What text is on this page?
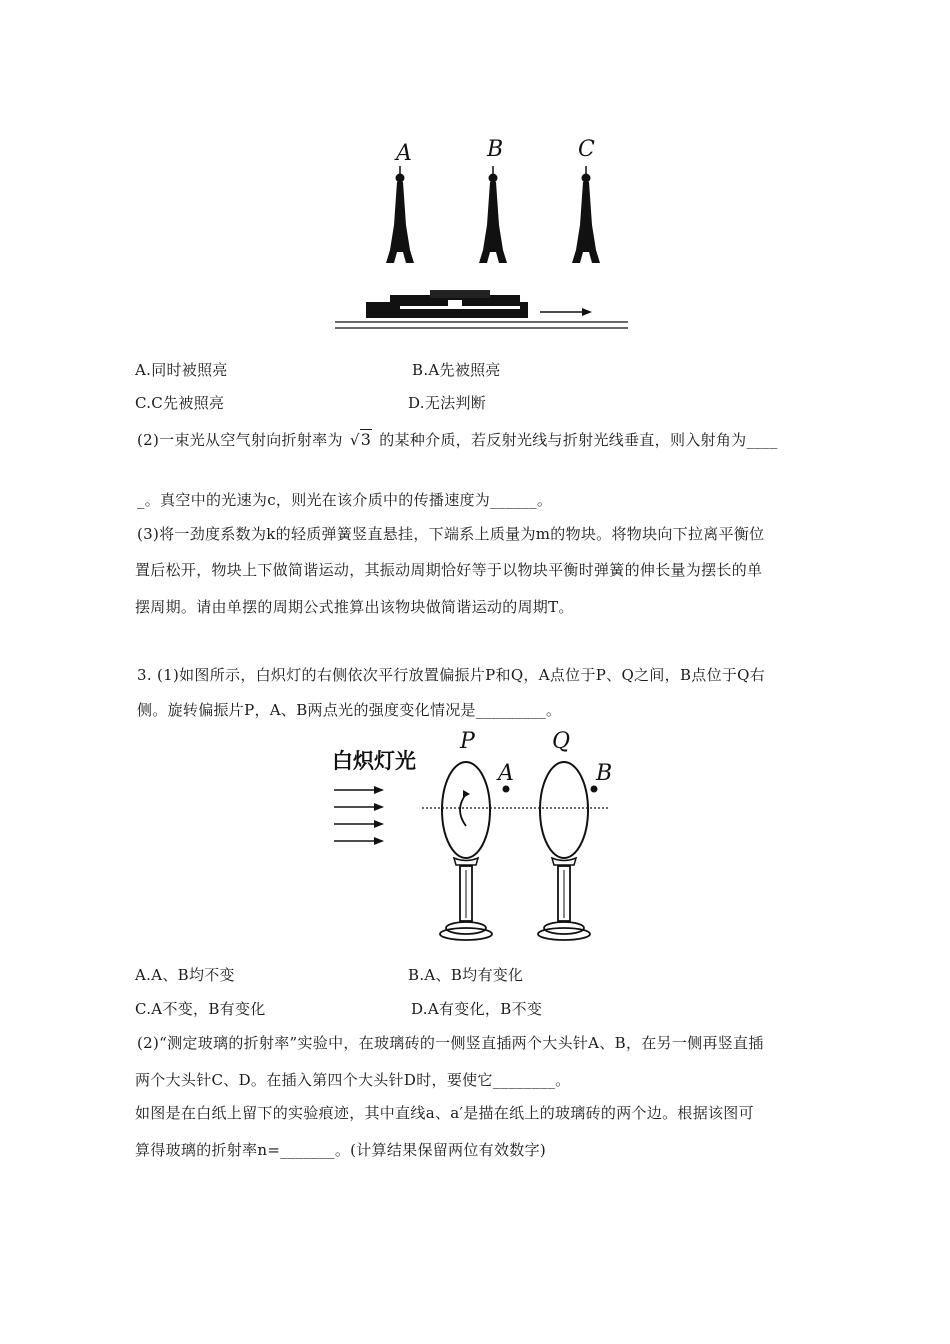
A	B	C
A.同时被照亮	B.A先被照亮
C.C先被照亮	D.无法判断
(2)一束光从空气射向折射率为 √3 的某种介质，若反射光线与折射光线垂直，则入射角为____
_。真空中的光速为c，则光在该介质中的传播速度为______。
(3)将一劲度系数为k的轻质弹簧竖直悬挂，下端系上质量为m的物块。将物块向下拉离平衡位
置后松开，物块上下做简谐运动，其振动周期恰好等于以物块平衡时弹簧的伸长量为摆长的单
摆周期。请由单摆的周期公式推算出该物块做简谐运动的周期T。
3. (1)如图所示，白炽灯的右侧依次平行放置偏振片P和Q，A点位于P、Q之间，B点位于Q右
侧。旋转偏振片P，A、B两点光的强度变化情况是_________。
白炽灯光
P
A
Q
B
A.A、B均不变	B.A、B均有变化
C.A不变，B有变化	D.A有变化，B不变
(2)“测定玻璃的折射率”实验中，在玻璃砖的一侧竖直插两个大头针A、B，在另一侧再竖直插
两个大头针C、D。在插入第四个大头针D时，要使它________。
如图是在白纸上留下的实验痕迹，其中直线a、a′是描在纸上的玻璃砖的两个边。根据该图可
算得玻璃的折射率n=_______。(计算结果保留两位有效数字)
